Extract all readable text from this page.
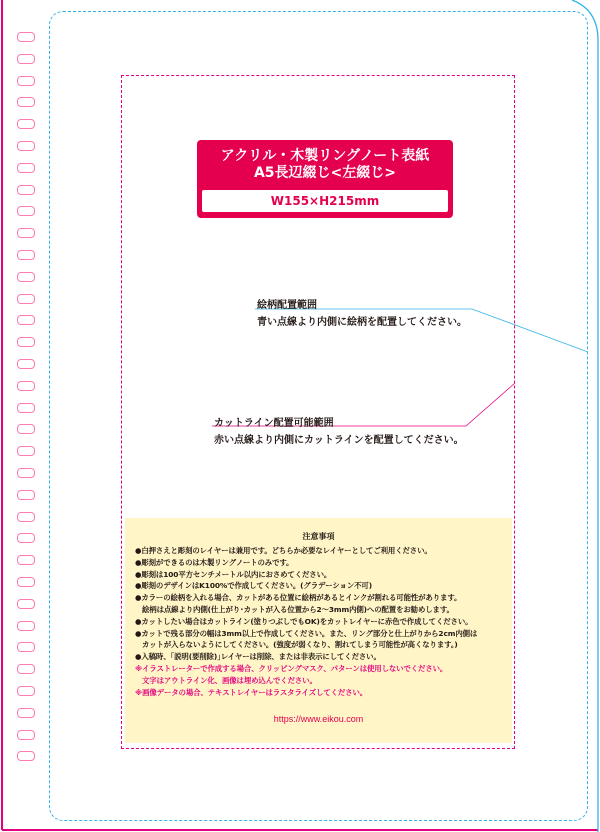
アクリル・木製リングノート表紙
A5長辺綴じ<左綴じ>
W155×H215mm
絵柄配置範囲
青い点線より内側に絵柄を配置してください。
カットライン配置可能範囲
赤い点線より内側にカットラインを配置してください。
注意事項
●白押さえと彫刻のレイヤーは兼用です。どちらか必要なレイヤーとしてご利用ください。
●彫刻ができるのは木製リングノートのみです。
●彫刻は100平方センチメートル以内におさめてください。
●彫刻のデザインはK100%で作成してください。(グラデーション不可)
●カラーの絵柄を入れる場合、カットがある位置に絵柄があるとインクが割れる可能性があります。
絵柄は点線より内側(仕上がり･カットが入る位置から2～3mm内側)への配置をお勧めします。
●カットしたい場合はカットライン(塗りつぶしでもOK)をカットレイヤーに赤色で作成してください。
●カットで残る部分の幅は3mm以上で作成してください。また、リング部分と仕上がりから2cm内側は
カットが入らないようにしてください。(強度が弱くなり、割れてしまう可能性が高くなります。)
●入稿時、｢説明(要削除)｣レイヤーは削除、または非表示にしてください。
※イラストレーターで作成する場合、クリッピングマスク、パターンは使用しないでください。
文字はアウトライン化、画像は埋め込んでください。
※画像データの場合、テキストレイヤーはラスタライズしてください。
https://www.eikou.com
